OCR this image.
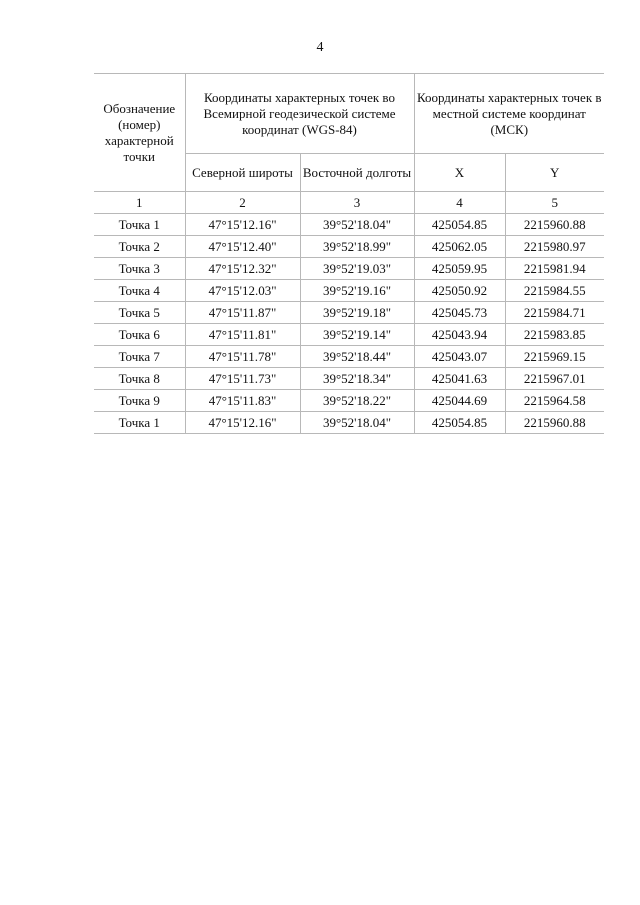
4
Обозначение (номер) характерной точки	Координаты характерных точек во Всемирной геодезической системе координат (WGS-84)		Координаты характерных точек в местной системе координат (МСК)	
	Северной широты	Восточной долготы	X	Y
1	2	3	4	5
Точка 1	47°15'12.16"	39°52'18.04"	425054.85	2215960.88
Точка 2	47°15'12.40"	39°52'18.99"	425062.05	2215980.97
Точка 3	47°15'12.32"	39°52'19.03"	425059.95	2215981.94
Точка 4	47°15'12.03"	39°52'19.16"	425050.92	2215984.55
Точка 5	47°15'11.87"	39°52'19.18"	425045.73	2215984.71
Точка 6	47°15'11.81"	39°52'19.14"	425043.94	2215983.85
Точка 7	47°15'11.78"	39°52'18.44"	425043.07	2215969.15
Точка 8	47°15'11.73"	39°52'18.34"	425041.63	2215967.01
Точка 9	47°15'11.83"	39°52'18.22"	425044.69	2215964.58
Точка 1	47°15'12.16"	39°52'18.04"	425054.85	2215960.88
